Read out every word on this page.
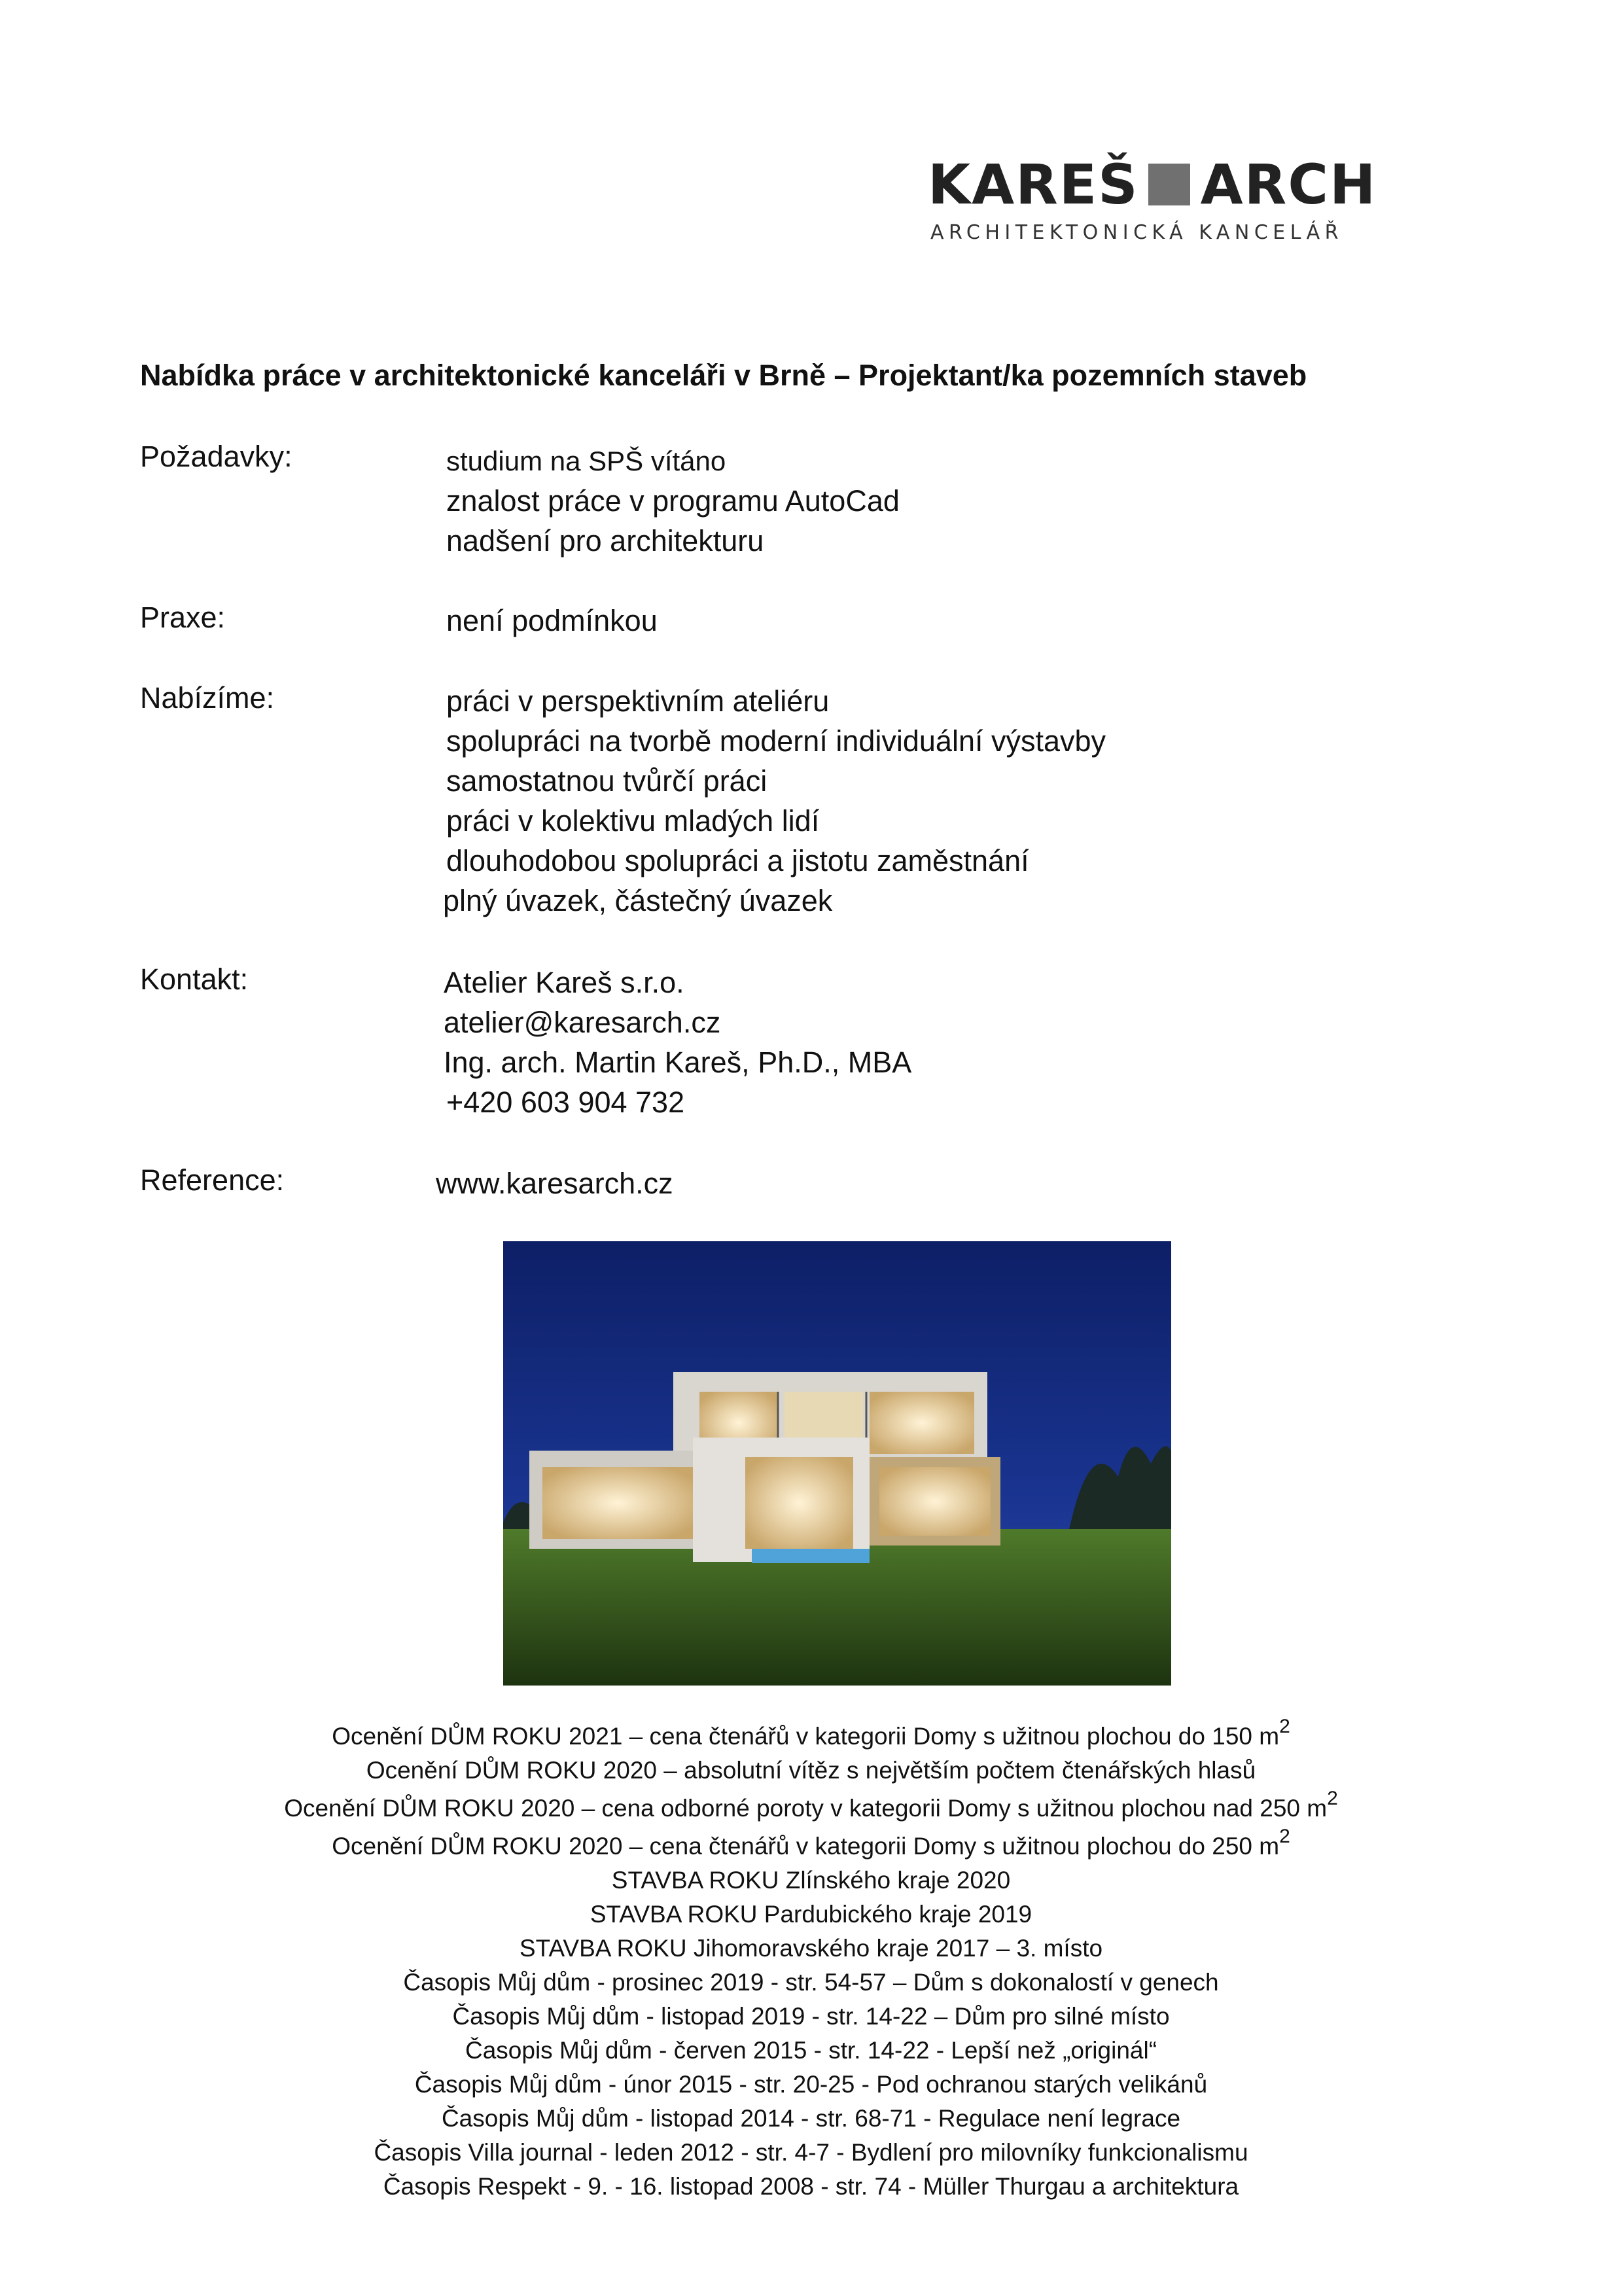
KAREŠ ARCH
ARCHITEKTONICKÁ KANCELÁŘ
Nabídka práce v architektonické kanceláři v Brně – Projektant/ka pozemních staveb
Požadavky:	studium na SPŠ vítáno
znalost práce v programu AutoCad
nadšení pro architekturu
Praxe:	není podmínkou
Nabízíme:	práci v perspektivním ateliéru
spolupráci na tvorbě moderní individuální výstavby
samostatnou tvůrčí práci
práci v kolektivu mladých lidí
dlouhodobou spolupráci a jistotu zaměstnání
plný úvazek, částečný úvazek
Kontakt:	Atelier Kareš s.r.o.
atelier@karesarch.cz
Ing. arch. Martin Kareš, Ph.D., MBA
+420 603 904 732
Reference:	www.karesarch.cz
Ocenění DŮM ROKU 2021 – cena čtenářů v kategorii Domy s užitnou plochou do 150 $m^2$
Ocenění DŮM ROKU 2020 – absolutní vítěz s největším počtem čtenářských hlasů
Ocenění DŮM ROKU 2020 – cena odborné poroty v kategorii Domy s užitnou plochou nad 250 $m^2$
Ocenění DŮM ROKU 2020 – cena čtenářů v kategorii Domy s užitnou plochou do 250 $m^2$
STAVBA ROKU Zlínského kraje 2020
STAVBA ROKU Pardubického kraje 2019
STAVBA ROKU Jihomoravského kraje 2017 – 3. místo
Časopis Můj dům - prosinec 2019 - str. 54-57 – Dům s dokonalostí v genech
Časopis Můj dům - listopad 2019 - str. 14-22 – Dům pro silné místo
Časopis Můj dům - červen 2015 - str. 14-22 - Lepší než „originál“
Časopis Můj dům - únor 2015 - str. 20-25 - Pod ochranou starých velikánů
Časopis Můj dům - listopad 2014 - str. 68-71 - Regulace není legrace
Časopis Villa journal - leden 2012 - str. 4-7 - Bydlení pro milovníky funkcionalismu
Časopis Respekt - 9. - 16. listopad 2008 - str. 74 - Müller Thurgau a architektura
